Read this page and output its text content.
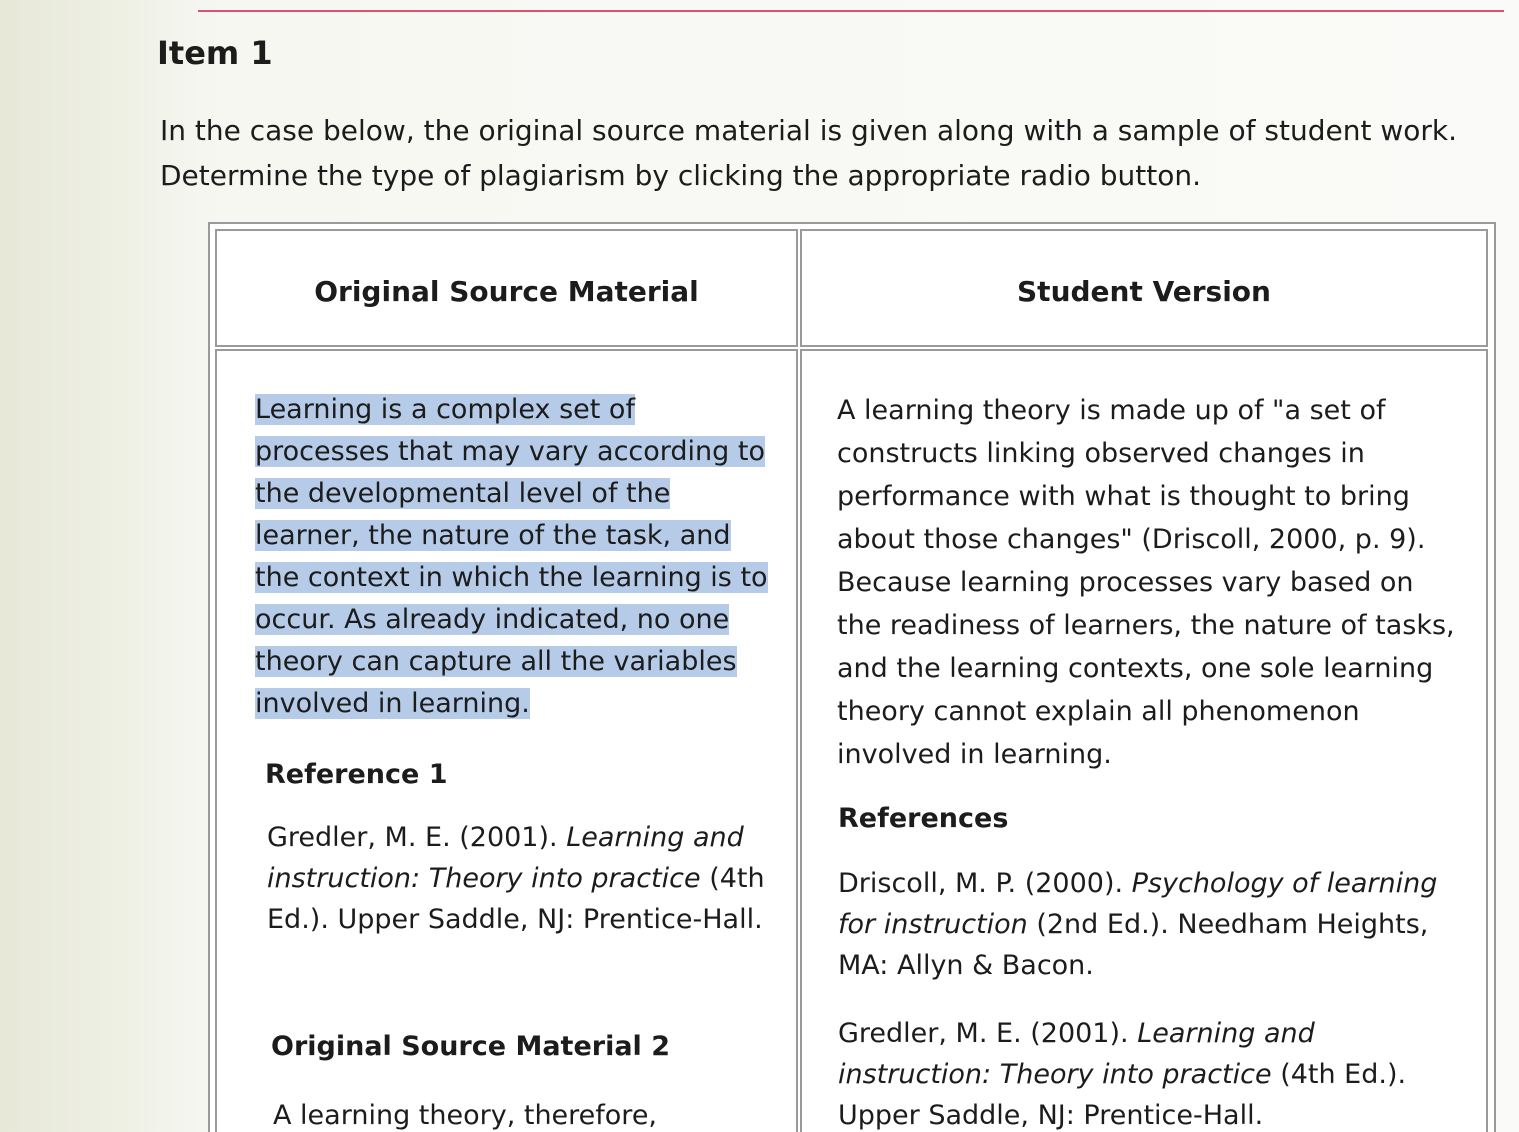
Item 1

In the case below, the original source material is given along with a sample of student work. Determine the type of plagiarism by clicking the appropriate radio button.

Original Source Material	Student Version

Learning is a complex set of processes that may vary according to the developmental level of the learner, the nature of the task, and the context in which the learning is to occur. As already indicated, no one theory can capture all the variables involved in learning.

Reference 1

Gredler, M. E. (2001). Learning and instruction: Theory into practice (4th Ed.). Upper Saddle, NJ: Prentice-Hall.

Original Source Material 2

A learning theory, therefore,

A learning theory is made up of "a set of constructs linking observed changes in performance with what is thought to bring about those changes" (Driscoll, 2000, p. 9). Because learning processes vary based on the readiness of learners, the nature of tasks, and the learning contexts, one sole learning theory cannot explain all phenomenon involved in learning.

References

Driscoll, M. P. (2000). Psychology of learning for instruction (2nd Ed.). Needham Heights, MA: Allyn & Bacon.

Gredler, M. E. (2001). Learning and instruction: Theory into practice (4th Ed.). Upper Saddle, NJ: Prentice-Hall.
